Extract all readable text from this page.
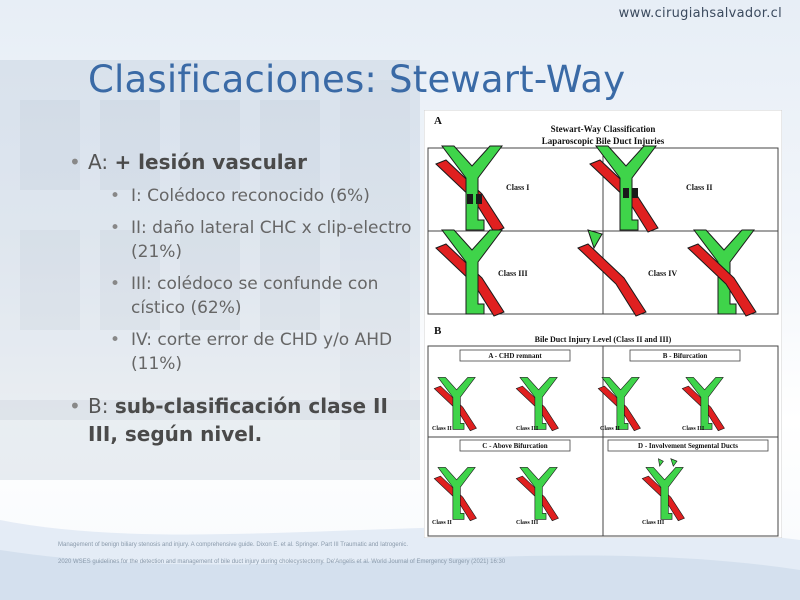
www.cirugiahsalvador.cl
Clasificaciones: Stewart-Way
• A: + lesión vascular
• I: Colédoco reconocido (6%)
• II: daño lateral CHC x clip-electro (21%)
• III: colédoco se confunde con cístico (62%)
• IV: corte error de CHD y/o AHD (11%)
• B: sub-clasificación clase II III, según nivel.
A
Stewart-Way Classification
Laparoscopic Bile Duct Injuries
Class I	Class II
Class III	Class IV
B
Bile Duct Injury Level (Class II and III)
A - CHD remnant	B - Bifurcation
C - Above Bifurcation	D - Involvement Segmental Ducts
Class II	Class III	Class II	Class III
Class II	Class III	Class III
Management of benign biliary stenosis and injury. A comprehensive guide. Dixon E. et al. Springer. Part III Traumatic and Iatrogenic.
2020 WSES guidelines for the detection and management of bile duct injury during cholecystectomy. De'Angelis et al. World Journal of Emergency Surgery (2021) 16:30
